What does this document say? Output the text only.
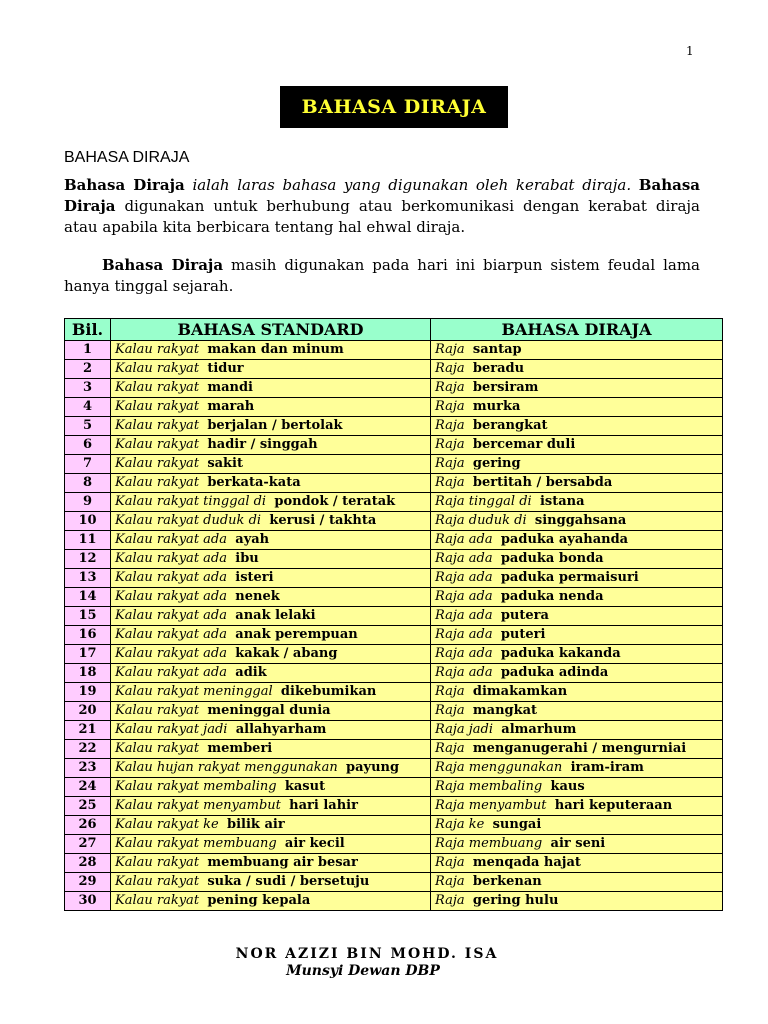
1
BAHASA DIRAJA
BAHASA DIRAJA

Bahasa Diraja ialah laras bahasa yang digunakan oleh kerabat diraja. Bahasa Diraja digunakan untuk berhubung atau berkomunikasi dengan kerabat diraja atau apabila kita berbicara tentang hal ehwal diraja.

Bahasa Diraja masih digunakan pada hari ini biarpun sistem feudal lama hanya tinggal sejarah.

Bil.	BAHASA STANDARD	BAHASA DIRAJA
1	Kalau rakyat makan dan minum	Raja santap
2	Kalau rakyat tidur	Raja beradu
3	Kalau rakyat mandi	Raja bersiram
4	Kalau rakyat marah	Raja murka
5	Kalau rakyat berjalan / bertolak	Raja berangkat
6	Kalau rakyat hadir / singgah	Raja bercemar duli
7	Kalau rakyat sakit	Raja gering
8	Kalau rakyat berkata-kata	Raja bertitah / bersabda
9	Kalau rakyat tinggal di pondok / teratak	Raja tinggal di istana
10	Kalau rakyat duduk di kerusi / takhta	Raja duduk di singgahsana
11	Kalau rakyat ada ayah	Raja ada paduka ayahanda
12	Kalau rakyat ada ibu	Raja ada paduka bonda
13	Kalau rakyat ada isteri	Raja ada paduka permaisuri
14	Kalau rakyat ada nenek	Raja ada paduka nenda
15	Kalau rakyat ada anak lelaki	Raja ada putera
16	Kalau rakyat ada anak perempuan	Raja ada puteri
17	Kalau rakyat ada kakak / abang	Raja ada paduka kakanda
18	Kalau rakyat ada adik	Raja ada paduka adinda
19	Kalau rakyat meninggal dikebumikan	Raja dimakamkan
20	Kalau rakyat meninggal dunia	Raja mangkat
21	Kalau rakyat jadi allahyarham	Raja jadi almarhum
22	Kalau rakyat memberi	Raja menganugerahi / mengurniai
23	Kalau hujan rakyat menggunakan payung	Raja menggunakan iram-iram
24	Kalau rakyat membaling kasut	Raja membaling kaus
25	Kalau rakyat menyambut hari lahir	Raja menyambut hari keputeraan
26	Kalau rakyat ke bilik air	Raja ke sungai
27	Kalau rakyat membuang air kecil	Raja membuang air seni
28	Kalau rakyat membuang air besar	Raja menqada hajat
29	Kalau rakyat suka / sudi / bersetuju	Raja berkenan
30	Kalau rakyat pening kepala	Raja gering hulu
NOR AZIZI BIN MOHD. ISA
Munsyi Dewan DBP
